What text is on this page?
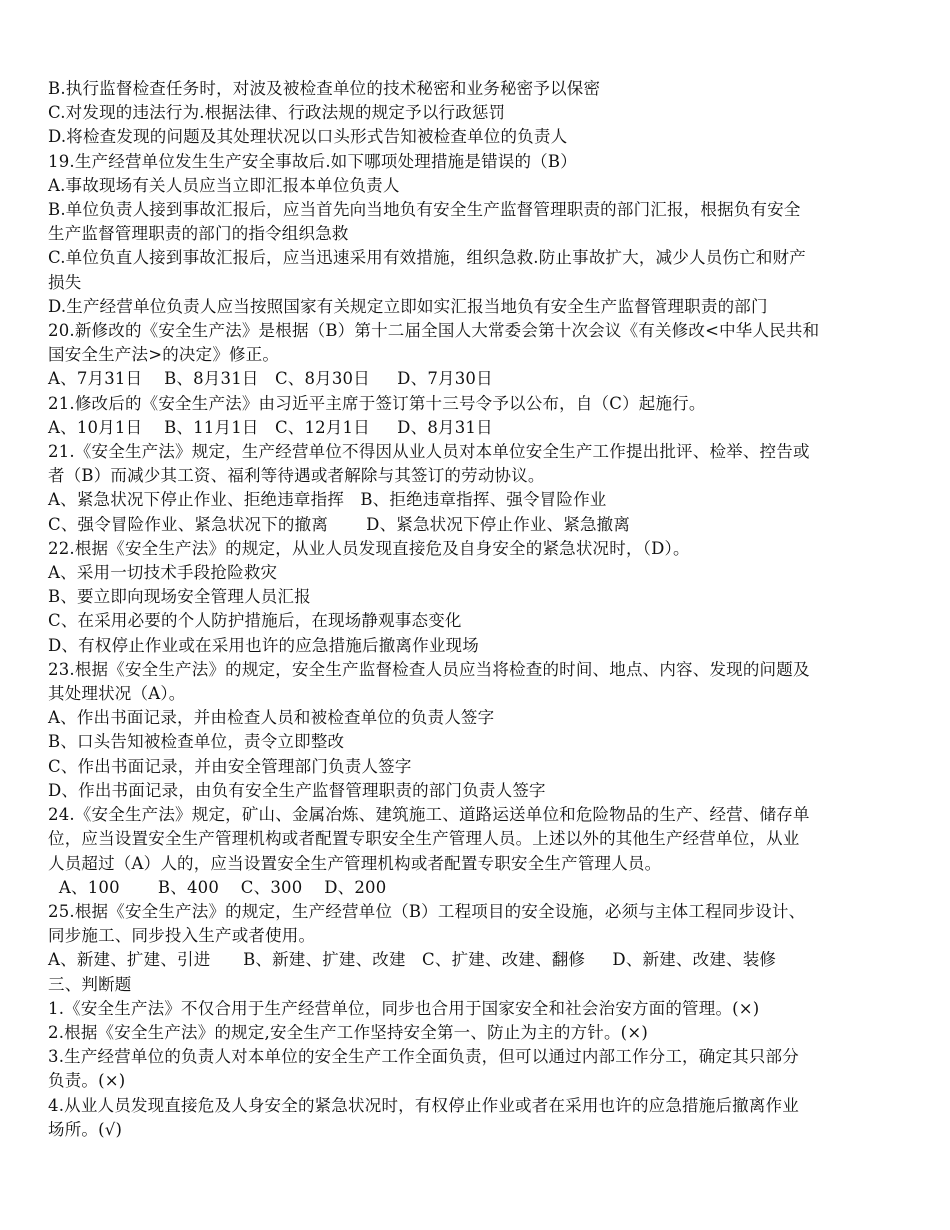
B.执行监督检查任务时，对波及被检查单位的技术秘密和业务秘密予以保密
C.对发现的违法行为.根据法律、行政法规的规定予以行政惩罚
D.将检查发现的问题及其处理状况以口头形式告知被检查单位的负责人
19.生产经营单位发生生产安全事故后.如下哪项处理措施是错误的（B）
A.事故现场有关人员应当立即汇报本单位负责人
B.单位负责人接到事故汇报后，应当首先向当地负有安全生产监督管理职责的部门汇报，根据负有安全
生产监督管理职责的部门的指令组织急救
C.单位负直人接到事故汇报后，应当迅速采用有效措施，组织急救.防止事故扩大，减少人员伤亡和财产
损失
D.生产经营单位负责人应当按照国家有关规定立即如实汇报当地负有安全生产监督管理职责的部门
20.新修改的《安全生产法》是根据（B）第十二届全国人大常委会第十次会议《有关修改<中华人民共和
国安全生产法>的决定》修正。
A、7月31日    B、8月31日   C、8月30日     D、7月30日
21.修改后的《安全生产法》由习近平主席于签订第十三号令予以公布，自（C）起施行。
A、10月1日    B、11月1日   C、12月1日     D、8月31日
21.《安全生产法》规定，生产经营单位不得因从业人员对本单位安全生产工作提出批评、检举、控告或
者（B）而减少其工资、福利等待遇或者解除与其签订的劳动协议。
A、紧急状况下停止作业、拒绝违章指挥   B、拒绝违章指挥、强令冒险作业
C、强令冒险作业、紧急状况下的撤离       D、紧急状况下停止作业、紧急撤离
22.根据《安全生产法》的规定，从业人员发现直接危及自身安全的紧急状况时，（D）。
A、采用一切技术手段抢险救灾
B、要立即向现场安全管理人员汇报
C、在采用必要的个人防护措施后，在现场静观事态变化
D、有权停止作业或在采用也许的应急措施后撤离作业现场
23.根据《安全生产法》的规定，安全生产监督检查人员应当将检查的时间、地点、内容、发现的问题及
其处理状况（A）。
A、作出书面记录，并由检查人员和被检查单位的负责人签字
B、口头告知被检查单位，责令立即整改
C、作出书面记录，并由安全管理部门负责人签字
D、作出书面记录，由负有安全生产监督管理职责的部门负责人签字
24.《安全生产法》规定，矿山、金属冶炼、建筑施工、道路运送单位和危险物品的生产、经营、储存单
位，应当设置安全生产管理机构或者配置专职安全生产管理人员。上述以外的其他生产经营单位，从业
人员超过（A）人的，应当设置安全生产管理机构或者配置专职安全生产管理人员。
A、100       B、400    C、300    D、200
25.根据《安全生产法》的规定，生产经营单位（B）工程项目的安全设施，必须与主体工程同步设计、
同步施工、同步投入生产或者使用。
A、新建、扩建、引进      B、新建、扩建、改建   C、扩建、改建、翻修     D、新建、改建、装修
三、判断题
1.《安全生产法》不仅合用于生产经营单位，同步也合用于国家安全和社会治安方面的管理。(×)
2.根据《安全生产法》的规定,安全生产工作坚持安全第一、防止为主的方针。(×)
3.生产经营单位的负责人对本单位的安全生产工作全面负责，但可以通过内部工作分工，确定其只部分
负责。(×)
4.从业人员发现直接危及人身安全的紧急状况时，有权停止作业或者在采用也许的应急措施后撤离作业
场所。(√)
